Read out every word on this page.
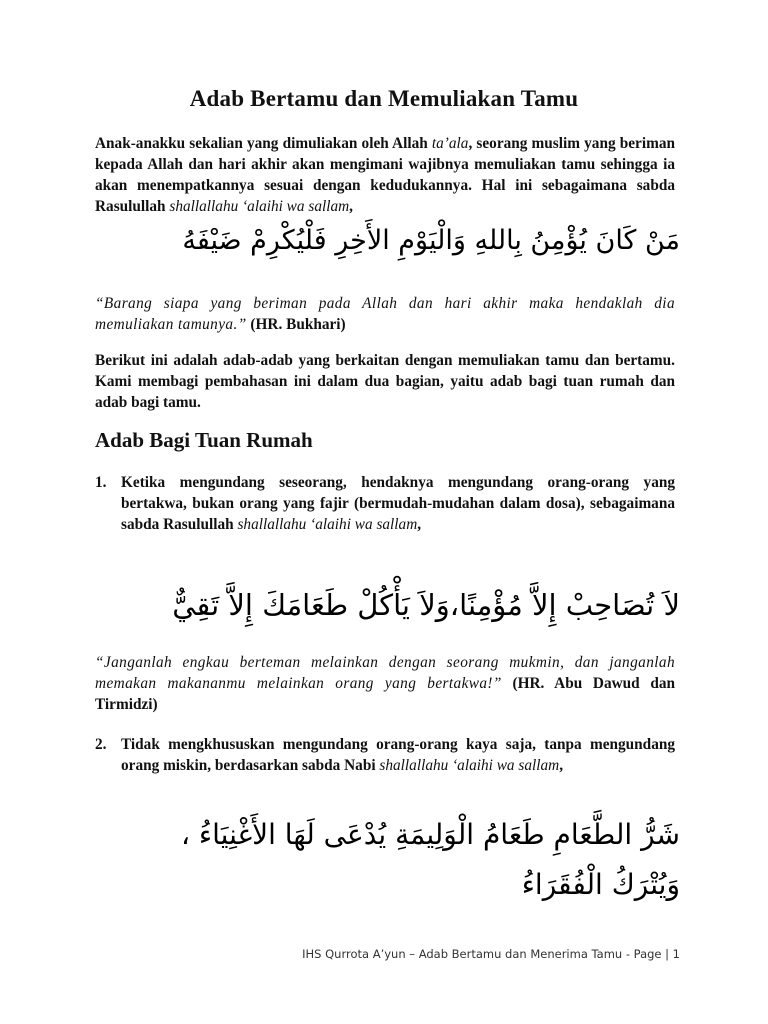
Adab Bertamu dan Memuliakan Tamu
Anak-anakku sekalian yang dimuliakan oleh Allah ta’ala, seorang muslim yang beriman kepada Allah dan hari akhir akan mengimani wajibnya memuliakan tamu sehingga ia akan menempatkannya sesuai dengan kedudukannya. Hal ini sebagaimana sabda Rasulullah shallallahu ‘alaihi wa sallam,
مَنْ كَانَ يُؤْمِنُ بِاللهِ وَالْيَوْمِ الأَخِرِ فَلْيُكْرِمْ ضَيْفَهُ
“Barang siapa yang beriman pada Allah dan hari akhir maka hendaklah dia memuliakan tamunya.” (HR. Bukhari)
Berikut ini adalah adab-adab yang berkaitan dengan memuliakan tamu dan bertamu. Kami membagi pembahasan ini dalam dua bagian, yaitu adab bagi tuan rumah dan adab bagi tamu.
Adab Bagi Tuan Rumah
1. Ketika mengundang seseorang, hendaknya mengundang orang-orang yang bertakwa, bukan orang yang fajir (bermudah-mudahan dalam dosa), sebagaimana sabda Rasulullah shallallahu ‘alaihi wa sallam,
لاَ تُصَاحِبْ إِلاَّ مُؤْمِنًا،وَلاَ يَأْكُلْ طَعَامَكَ إِلاَّ تَقِيٌّ
“Janganlah engkau berteman melainkan dengan seorang mukmin, dan janganlah memakan makananmu melainkan orang yang bertakwa!” (HR. Abu Dawud dan Tirmidzi)
2. Tidak mengkhususkan mengundang orang-orang kaya saja, tanpa mengundang orang miskin, berdasarkan sabda Nabi shallallahu ‘alaihi wa sallam,
شَرُّ الطَّعَامِ طَعَامُ الْوَلِيمَةِ يُدْعَى لَهَا الأَغْنِيَاءُ ، وَيُتْرَكُ الْفُقَرَاءُ
IHS Qurrota A’yun – Adab Bertamu dan Menerima Tamu - Page | 1
